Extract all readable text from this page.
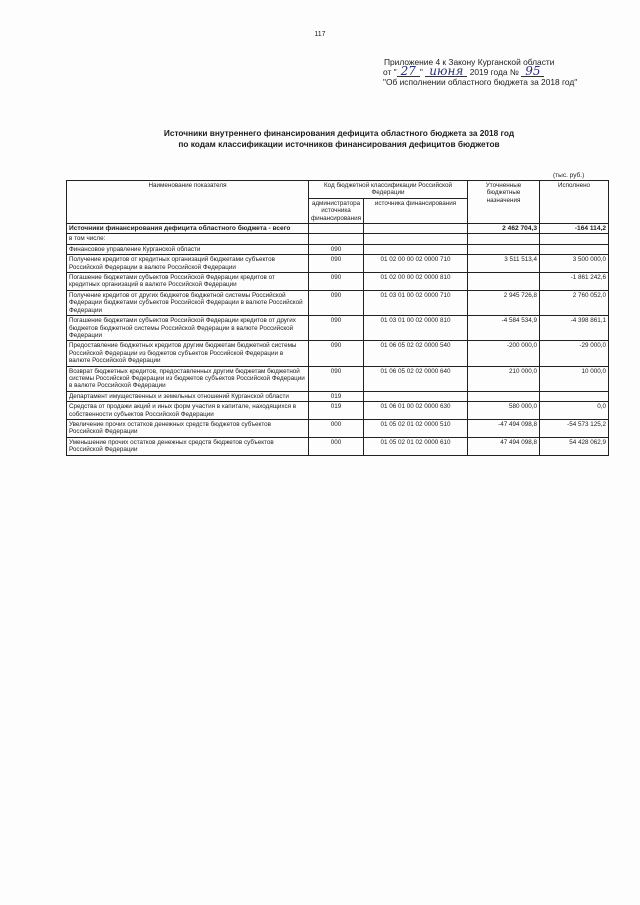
117
Приложение 4 к Закону Курганской области
от " 27 " июня 2019 года № 95
"Об исполнении областного бюджета за 2018 год"
Источники внутреннего финансирования дефицита областного бюджета за 2018 год
по кодам классификации источников финансирования дефицитов бюджетов
(тыс. руб.)
Наименование показателя	Код бюджетной классификации Российской Федерации		Уточненные бюджетные назначения	Исполнено
	администратора источника финансирования	источника финансирования		
Источники финансирования дефицита областного бюджета - всего			2 462 704,3	-164 114,2
в том числе:				
Финансовое управление Курганской области	090			
Получение кредитов от кредитных организаций бюджетами субъектов Российской Федерации в валюте Российской Федерации	090	01 02 00 00 02 0000 710	3 511 513,4	3 500 000,0
Погашение бюджетами субъектов Российской Федерации кредитов от кредитных организаций в валюте Российской Федерации	090	01 02 00 00 02 0000 810		-1 861 242,6
Получение кредитов от других бюджетов бюджетной системы Российской Федерации бюджетами субъектов Российской Федерации в валюте Российской Федерации	090	01 03 01 00 02 0000 710	2 945 726,8	2 760 052,0
Погашение бюджетами субъектов Российской Федерации кредитов от других бюджетов бюджетной системы Российской Федерации в валюте Российской Федерации	090	01 03 01 00 02 0000 810	-4 584 534,9	-4 398 861,1
Предоставление бюджетных кредитов другим бюджетам бюджетной системы Российской Федерации из бюджетов субъектов Российской Федерации в валюте Российской Федерации	090	01 06 05 02 02 0000 540	-200 000,0	-29 000,0
Возврат бюджетных кредитов, предоставленных другим бюджетам бюджетной системы Российской Федерации из бюджетов субъектов Российской Федерации в валюте Российской Федерации	090	01 06 05 02 02 0000 640	210 000,0	10 000,0
Департамент имущественных и земельных отношений Курганской области	019			
Средства от продажи акций и иных форм участия в капитале, находящихся в собственности субъектов Российской Федерации	019	01 06 01 00 02 0000 630	580 000,0	0,0
Увеличение прочих остатков денежных средств бюджетов субъектов Российской Федерации	000	01 05 02 01 02 0000 510	-47 494 098,8	-54 573 125,2
Уменьшение прочих остатков денежных средств бюджетов субъектов Российской Федерации	000	01 05 02 01 02 0000 610	47 494 098,8	54 428 062,9
